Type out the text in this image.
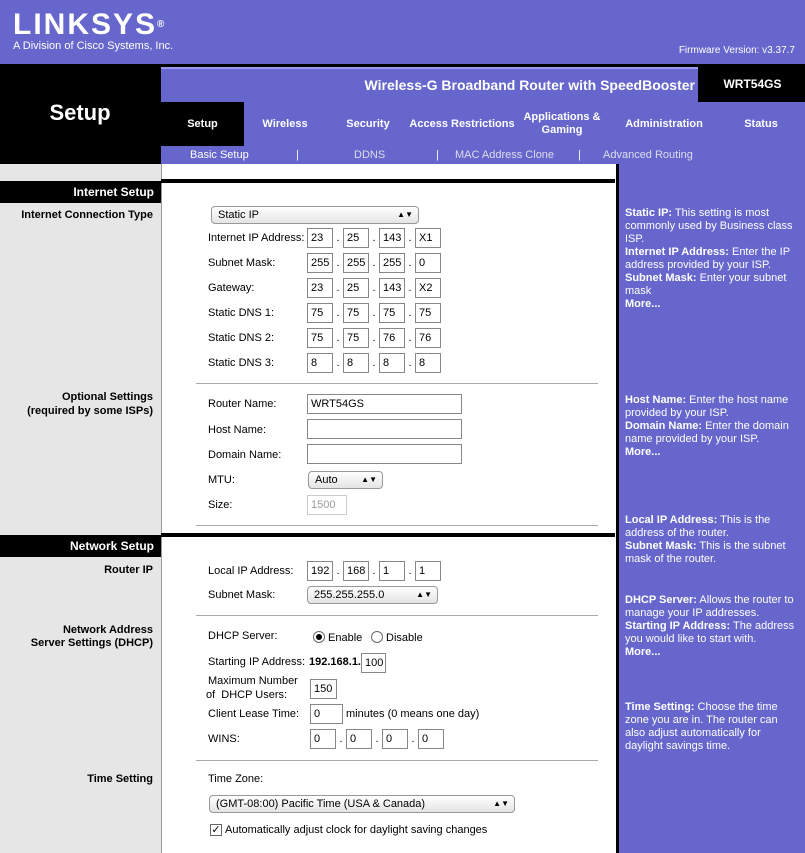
LINKSYS®
A Division of Cisco Systems, Inc.	Firmware Version: v3.37.7
Setup
Wireless-G Broadband Router with SpeedBooster	WRT54GS
Setup	Wireless	Security	Access Restrictions
Applications & Gaming
Administration	Status
Basic Setup	|	DDNS	| MAC Address Clone | Advanced Routing
Internet Setup
Internet Connection Type	Static IP	▲▼
Internet IP Address: 23	. 25	. 143 . X1
Subnet Mask:	255 . 255 . 255 . 0
Gateway:	23	. 25	. 143 . X2
Static DNS 1:	75	. 75	. 75	. 75
Static DNS 2:	75	. 75	. 76	. 76
Static DNS 3:	8	. 8	. 8	. 8
Optional Settings
(required by some ISPs)
Router Name:	WRT54GS
Host Name:
Domain Name:
MTU:	Auto	▲▼
Size:	1500
Network Setup
Router IP	Local IP Address:	192 . 168 . 1	. 1
Subnet Mask:	255.255.255.0	▲▼
Network Address
Server Settings (DHCP)
DHCP Server:	Enable Disable
Starting IP Address: 192.168.1. 100
Maximum Number
of  DHCP Users:	150
Client Lease Time:	0	minutes (0 means one day)
WINS:	0	. 0	. 0	. 0
Time Setting	Time Zone:
(GMT-08:00) Pacific Time (USA & Canada)	▲▼
✓ Automatically adjust clock for daylight saving changes
Static IP: This setting is most commonly used by Business class ISP.
Internet IP Address: Enter the IP address provided by your ISP.
Subnet Mask: Enter your subnet mask
More...
Host Name: Enter the host name provided by your ISP.
Domain Name: Enter the domain name provided by your ISP.
More...
Local IP Address: This is the address of the router.
Subnet Mask: This is the subnet mask of the router.
DHCP Server: Allows the router to manage your IP addresses.
Starting IP Address: The address you would like to start with.
More...
Time Setting: Choose the time zone you are in. The router can also adjust automatically for daylight savings time.
